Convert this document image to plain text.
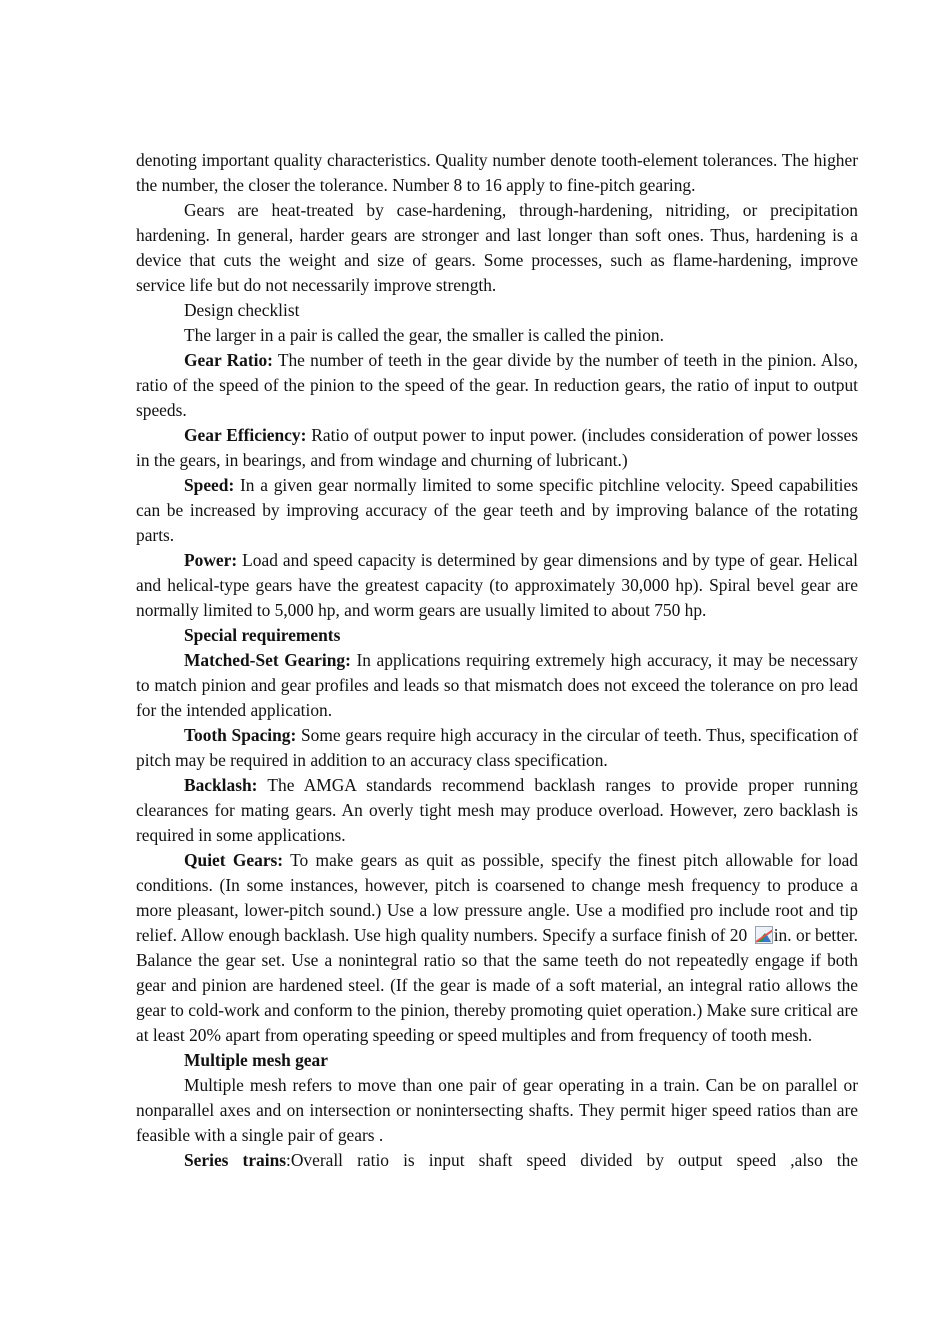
denoting important quality characteristics. Quality number denote tooth-element tolerances. The higher the number, the closer the tolerance. Number 8 to 16 apply to fine-pitch gearing.

Gears are heat-treated by case-hardening, through-hardening, nitriding, or precipitation hardening. In general, harder gears are stronger and last longer than soft ones. Thus, hardening is a device that cuts the weight and size of gears. Some processes, such as flame-hardening, improve service life but do not necessarily improve strength.

Design checklist

The larger in a pair is called the gear, the smaller is called the pinion.

Gear Ratio: The number of teeth in the gear divide by the number of teeth in the pinion. Also, ratio of the speed of the pinion to the speed of the gear. In reduction gears, the ratio of input to output speeds.

Gear Efficiency: Ratio of output power to input power. (includes consideration of power losses in the gears, in bearings, and from windage and churning of lubricant.)

Speed: In a given gear normally limited to some specific pitchline velocity. Speed capabilities can be increased by improving accuracy of the gear teeth and by improving balance of the rotating parts.

Power: Load and speed capacity is determined by gear dimensions and by type of gear. Helical and helical-type gears have the greatest capacity (to approximately 30,000 hp). Spiral bevel gear are normally limited to 5,000 hp, and worm gears are usually limited to about 750 hp.

Special requirements

Matched-Set Gearing: In applications requiring extremely high accuracy, it may be necessary to match pinion and gear profiles and leads so that mismatch does not exceed the tolerance on pro lead for the intended application.

Tooth Spacing: Some gears require high accuracy in the circular of teeth. Thus, specification of pitch may be required in addition to an accuracy class specification.

Backlash: The AMGA standards recommend backlash ranges to provide proper running clearances for mating gears. An overly tight mesh may produce overload. However, zero backlash is required in some applications.

Quiet Gears: To make gears as quit as possible, specify the finest pitch allowable for load conditions. (In some instances, however, pitch is coarsened to change mesh frequency to produce a more pleasant, lower-pitch sound.) Use a low pressure angle. Use a modified pro include root and tip relief. Allow enough backlash. Use high quality numbers. Specify a surface finish of 20 in. or better. Balance the gear set. Use a nonintegral ratio so that the same teeth do not repeatedly engage if both gear and pinion are hardened steel. (If the gear is made of a soft material, an integral ratio allows the gear to cold-work and conform to the pinion, thereby promoting quiet operation.) Make sure critical are at least 20% apart from operating speeding or speed multiples and from frequency of tooth mesh.

Multiple mesh gear

Multiple mesh refers to move than one pair of gear operating in a train. Can be on parallel or nonparallel axes and on intersection or nonintersecting shafts. They permit higer speed ratios than are feasible with a single pair of gears .

Series trains:Overall ratio is input shaft speed divided by output speed ,also the
